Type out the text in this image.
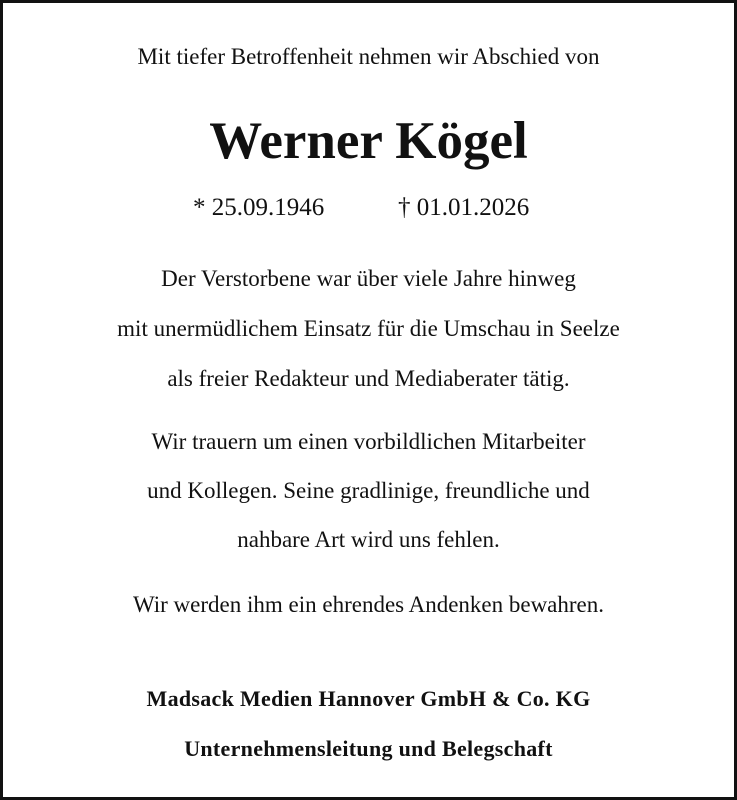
Mit tiefer Betroffenheit nehmen wir Abschied von
Werner Kögel
* 25.09.1946	† 01.01.2026
Der Verstorbene war über viele Jahre hinweg
mit unermüdlichem Einsatz für die Umschau in Seelze
als freier Redakteur und Mediaberater tätig.
Wir trauern um einen vorbildlichen Mitarbeiter
und Kollegen. Seine gradlinige, freundliche und
nahbare Art wird uns fehlen.
Wir werden ihm ein ehrendes Andenken bewahren.
Madsack Medien Hannover GmbH & Co. KG
Unternehmensleitung und Belegschaft
